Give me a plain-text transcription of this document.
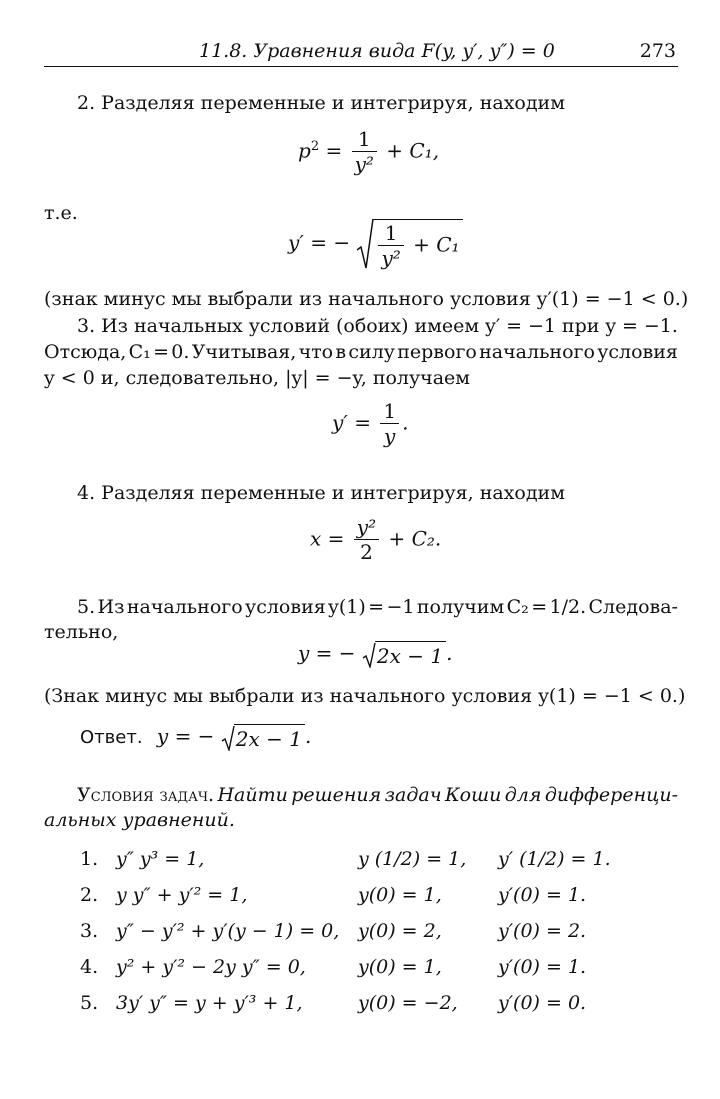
11.8. Уравнения вида F(y, y′, y″) = 0	273
2. Разделяя переменные и интегрируя, находим
$p^2 = \frac{1}{\text{y²}} + C_1$,
т.е.
y′ = − $\frac{1}{\text{y²}} + C_1$
(знак минус мы выбрали из начального условия y′(1) = −1 < 0.)
3. Из начальных условий (обоих) имеем y′ = −1 при y = −1.
Отсюда, C₁ = 0. Учитывая, что в силу первого начального условия
y < 0 и, следовательно, |y| = −y, получаем
$y' = \frac{1}{y}$ .
4. Разделяя переменные и интегрируя, находим
$x = \frac{\text{y²}}{2} + C_2$.
5. Из начального условия y(1) = −1 получим C₂ = 1/2. Следова-
тельно,
y = − 2x − 1 .
(Знак минус мы выбрали из начального условия y(1) = −1 < 0.)
Ответ. y = − 2x − 1 .
Условия задач. Найти решения задач Коши для дифференци-
альных уравнений.
1. y″ y³ = 1,	y (1/2) = 1, y′ (1/2) = 1.
2. y y″ + y′² = 1,	y(0) = 1,	y′(0) = 1.
3. y″ − y′² + y′(y − 1) = 0, y(0) = 2,	y′(0) = 2.
4. y² + y′² − 2y y″ = 0,	y(0) = 1,	y′(0) = 1.
5. 3y′ y″ = y + y′³ + 1,	y(0) = −2, y′(0) = 0.
